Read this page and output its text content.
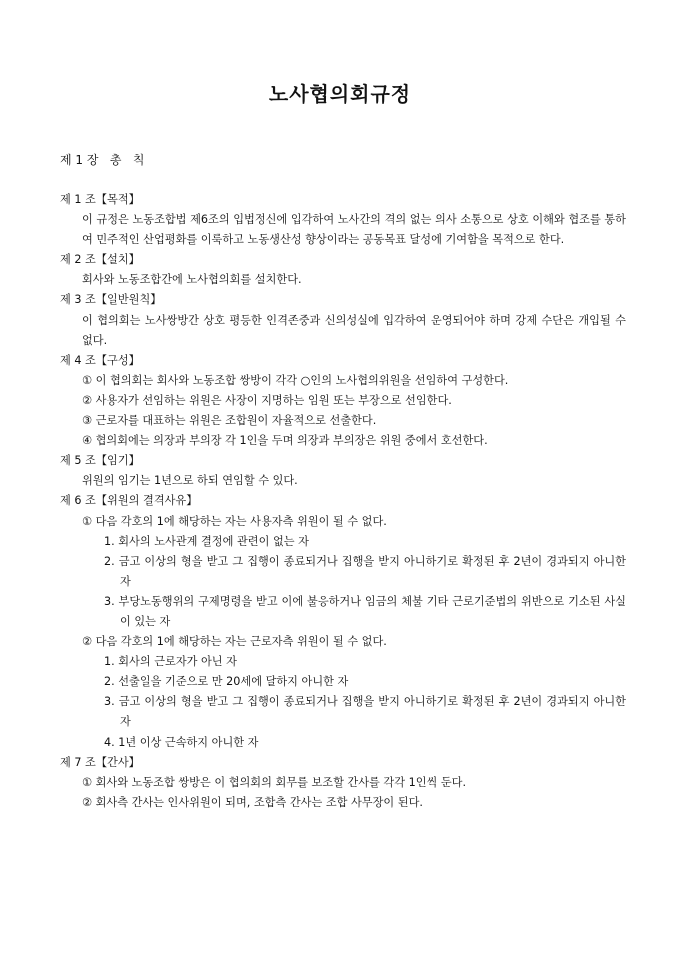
노사협의회규정
제 1 장   총   칙
제 1 조【목적】
이 규정은 노동조합법 제6조의 입법정신에 입각하여 노사간의 격의 없는 의사 소통으로 상호 이해와 협조를 통하여 민주적인 산업평화를 이룩하고 노동생산성 향상이라는 공동목표 달성에 기여함을 목적으로 한다.
제 2 조【설치】
회사와 노동조합간에 노사협의회를 설치한다.
제 3 조【일반원칙】
이 협의회는 노사쌍방간 상호 평등한 인격존중과 신의성실에 입각하여 운영되어야 하며 강제 수단은 개입될 수 없다.
제 4 조【구성】
① 이 협의회는 회사와 노동조합 쌍방이 각각 ○인의 노사협의위원을 선임하여 구성한다.
② 사용자가 선임하는 위원은 사장이 지명하는 임원 또는 부장으로 선임한다.
③ 근로자를 대표하는 위원은 조합원이 자율적으로 선출한다.
④ 협의회에는 의장과 부의장 각 1인을 두며 의장과 부의장은 위원 중에서 호선한다.
제 5 조【임기】
위원의 임기는 1년으로 하되 연임할 수 있다.
제 6 조【위원의 결격사유】
① 다음 각호의 1에 해당하는 자는 사용자측 위원이 될 수 없다.
1. 회사의 노사관계 결정에 관련이 없는 자
2. 금고 이상의 형을 받고 그 집행이 종료되거나 집행을 받지 아니하기로 확정된 후 2년이 경과되지 아니한 자
3. 부당노동행위의 구제명령을 받고 이에 불응하거나 임금의 체불 기타 근로기준법의 위반으로 기소된 사실이 있는 자
② 다음 각호의 1에 해당하는 자는 근로자측 위원이 될 수 없다.
1. 회사의 근로자가 아닌 자
2. 선출일을 기준으로 만 20세에 달하지 아니한 자
3. 금고 이상의 형을 받고 그 집행이 종료되거나 집행을 받지 아니하기로 확정된 후 2년이 경과되지 아니한 자
4. 1년 이상 근속하지 아니한 자
제 7 조【간사】
① 회사와 노동조합 쌍방은 이 협의회의 회무를 보조할 간사를 각각 1인씩 둔다.
② 회사측 간사는 인사위원이 되며, 조합측 간사는 조합 사무장이 된다.
